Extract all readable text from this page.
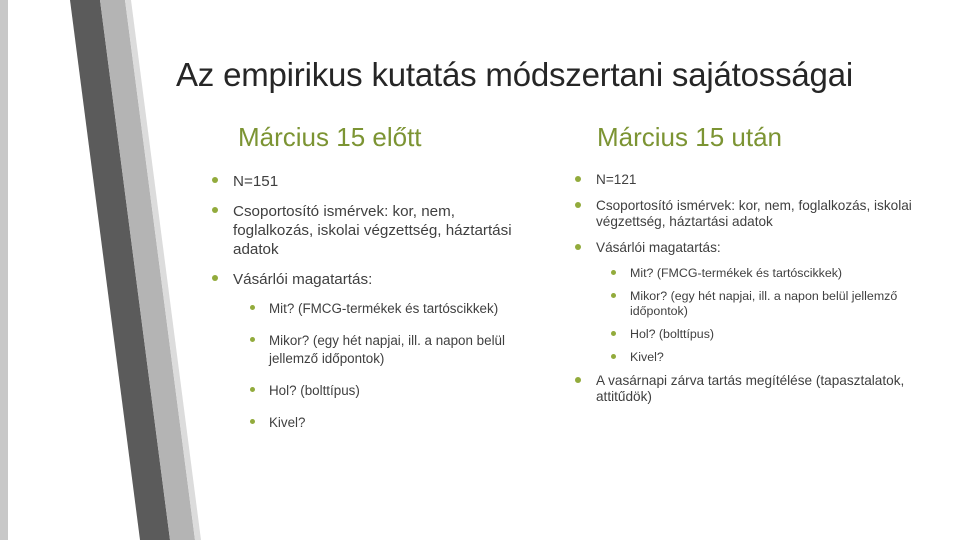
Az empirikus kutatás módszertani sajátosságai
Március 15 előtt	Március 15 után
N=151
Csoportosító ismérvek: kor, nem, foglalkozás, iskolai végzettség, háztartási adatok
Vásárlói magatartás:
Mit? (FMCG-termékek és tartóscikkek)
Mikor? (egy hét napjai, ill. a napon belül jellemző időpontok)
Hol? (bolttípus)
Kivel?
N=121
Csoportosító ismérvek: kor, nem, foglalkozás, iskolai végzettség, háztartási adatok
Vásárlói magatartás:
Mit? (FMCG-termékek és tartóscikkek)
Mikor? (egy hét napjai, ill. a napon belül jellemző időpontok)
Hol? (bolttípus)
Kivel?
A vasárnapi zárva tartás megítélése (tapasztalatok, attitűdök)
